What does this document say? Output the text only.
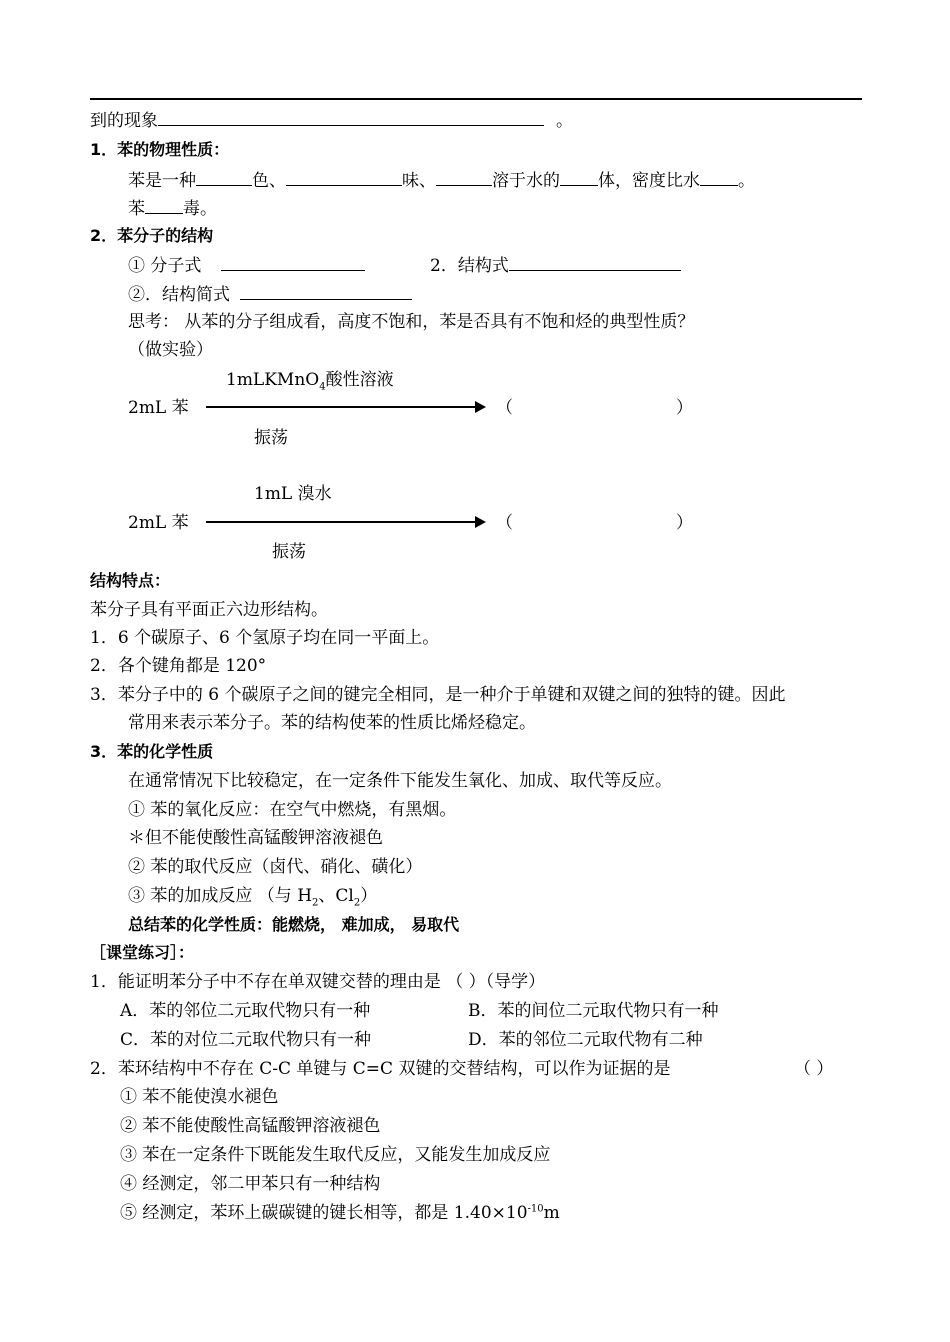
到的现象	。
1．苯的物理性质：
苯是一种	色、	味、	溶于水的 体，密度比水 。
苯 毒。
2．苯分子的结构
① 分子式	2．结构式
②．结构简式
思考： 从苯的分子组成看，高度不饱和，苯是否具有不饱和烃的典型性质？
（做实验）
1mLKMnO$_4$酸性溶液
2mL 苯	（	）
振荡
1mL 溴水
2mL 苯	（	）
振荡
结构特点：
苯分子具有平面正六边形结构。
1．6 个碳原子、6 个氢原子均在同一平面上。
2．各个键角都是 120°
3．苯分子中的 6 个碳原子之间的键完全相同，是一种介于单键和双键之间的独特的键。因此
常用来表示苯分子。苯的结构使苯的性质比烯烃稳定。
3．苯的化学性质
在通常情况下比较稳定，在一定条件下能发生氧化、加成、取代等反应。
① 苯的氧化反应：在空气中燃烧，有黑烟。
＊但不能使酸性高锰酸钾溶液褪色
② 苯的取代反应（卤代、硝化、磺化）
③ 苯的加成反应 （与 $H_2$、$Cl_2$）
总结苯的化学性质：能燃烧， 难加成， 易取代
［课堂练习］：
1．能证明苯分子中不存在单双键交替的理由是 （ ）（导学）
A．苯的邻位二元取代物只有一种	B．苯的间位二元取代物只有一种
C．苯的对位二元取代物只有一种	D．苯的邻位二元取代物有二种
2．苯环结构中不存在 C-C 单键与 C=C 双键的交替结构，可以作为证据的是	（ ）
① 苯不能使溴水褪色
② 苯不能使酸性高锰酸钾溶液褪色
③ 苯在一定条件下既能发生取代反应，又能发生加成反应
④ 经测定，邻二甲苯只有一种结构
⑤ 经测定，苯环上碳碳键的键长相等，都是 $1.40\times 10^{-10}m$
